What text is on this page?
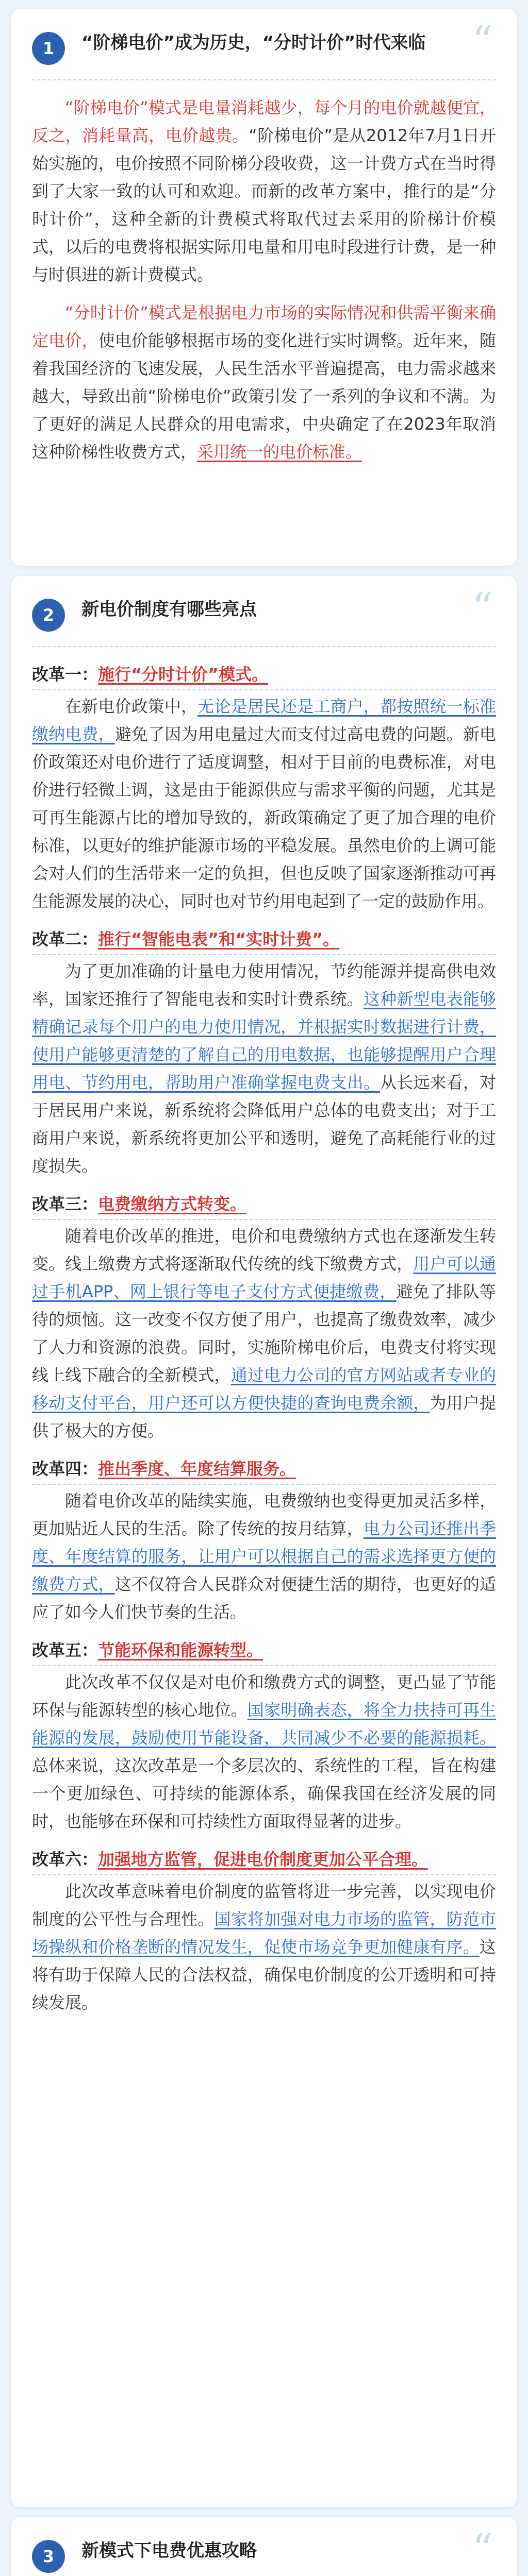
1	“阶梯电价”成为历史，“分时计价”时代来临	“

“阶梯电价”模式是电量消耗越少，每个月的电价就越便宜，反之，消耗量高，电价越贵。“阶梯电价”是从2012年7月1日开始实施的，电价按照不同阶梯分段收费，这一计费方式在当时得到了大家一致的认可和欢迎。而新的改革方案中，推行的是“分时计价”，这种全新的计费模式将取代过去采用的阶梯计价模式，以后的电费将根据实际用电量和用电时段进行计费，是一种与时俱进的新计费模式。

“分时计价”模式是根据电力市场的实际情况和供需平衡来确定电价，使电价能够根据市场的变化进行实时调整。近年来，随着我国经济的飞速发展，人民生活水平普遍提高，电力需求越来越大，导致出前“阶梯电价”政策引发了一系列的争议和不满。为了更好的满足人民群众的用电需求，中央确定了在2023年取消这种阶梯性收费方式，采用统一的电价标准。

2	新电价制度有哪些亮点	“
改革一：施行“分时计价”模式。

在新电价政策中，无论是居民还是工商户，都按照统一标准缴纳电费，避免了因为用电量过大而支付过高电费的问题。新电价政策还对电价进行了适度调整，相对于目前的电费标准，对电价进行轻微上调，这是由于能源供应与需求平衡的问题，尤其是可再生能源占比的增加导致的，新政策确定了更了加合理的电价标准，以更好的维护能源市场的平稳发展。虽然电价的上调可能会对人们的生活带来一定的负担，但也反映了国家逐渐推动可再生能源发展的决心，同时也对节约用电起到了一定的鼓励作用。

改革二：推行“智能电表”和“实时计费”。

为了更加准确的计量电力使用情况，节约能源并提高供电效率，国家还推行了智能电表和实时计费系统。这种新型电表能够精确记录每个用户的电力使用情况，并根据实时数据进行计费，使用户能够更清楚的了解自己的用电数据，也能够提醒用户合理用电、节约用电，帮助用户准确掌握电费支出。从长远来看，对于居民用户来说，新系统将会降低用户总体的电费支出；对于工商用户来说，新系统将更加公平和透明，避免了高耗能行业的过度损失。

改革三：电费缴纳方式转变。

随着电价改革的推进，电价和电费缴纳方式也在逐渐发生转变。线上缴费方式将逐渐取代传统的线下缴费方式，用户可以通过手机APP、网上银行等电子支付方式便捷缴费，避免了排队等待的烦恼。这一改变不仅方便了用户，也提高了缴费效率，减少了人力和资源的浪费。同时，实施阶梯电价后，电费支付将实现线上线下融合的全新模式，通过电力公司的官方网站或者专业的移动支付平台，用户还可以方便快捷的查询电费余额，为用户提供了极大的方便。

改革四：推出季度、年度结算服务。

随着电价改革的陆续实施，电费缴纳也变得更加灵活多样，更加贴近人民的生活。除了传统的按月结算，电力公司还推出季度、年度结算的服务，让用户可以根据自己的需求选择更方便的缴费方式，这不仅符合人民群众对便捷生活的期待，也更好的适应了如今人们快节奏的生活。

改革五：节能环保和能源转型。

此次改革不仅仅是对电价和缴费方式的调整，更凸显了节能环保与能源转型的核心地位。国家明确表态，将全力扶持可再生能源的发展，鼓励使用节能设备，共同减少不必要的能源损耗。总体来说，这次改革是一个多层次的、系统性的工程，旨在构建一个更加绿色、可持续的能源体系，确保我国在经济发展的同时，也能够在环保和可持续性方面取得显著的进步。

改革六：加强地方监管，促进电价制度更加公平合理。

此次改革意味着电价制度的监管将进一步完善，以实现电价制度的公平性与合理性。国家将加强对电力市场的监管，防范市场操纵和价格垄断的情况发生，促使市场竞争更加健康有序。这将有助于保障人民的合法权益，确保电价制度的公开透明和可持续发展。

3	新模式下电费优惠攻略	“
